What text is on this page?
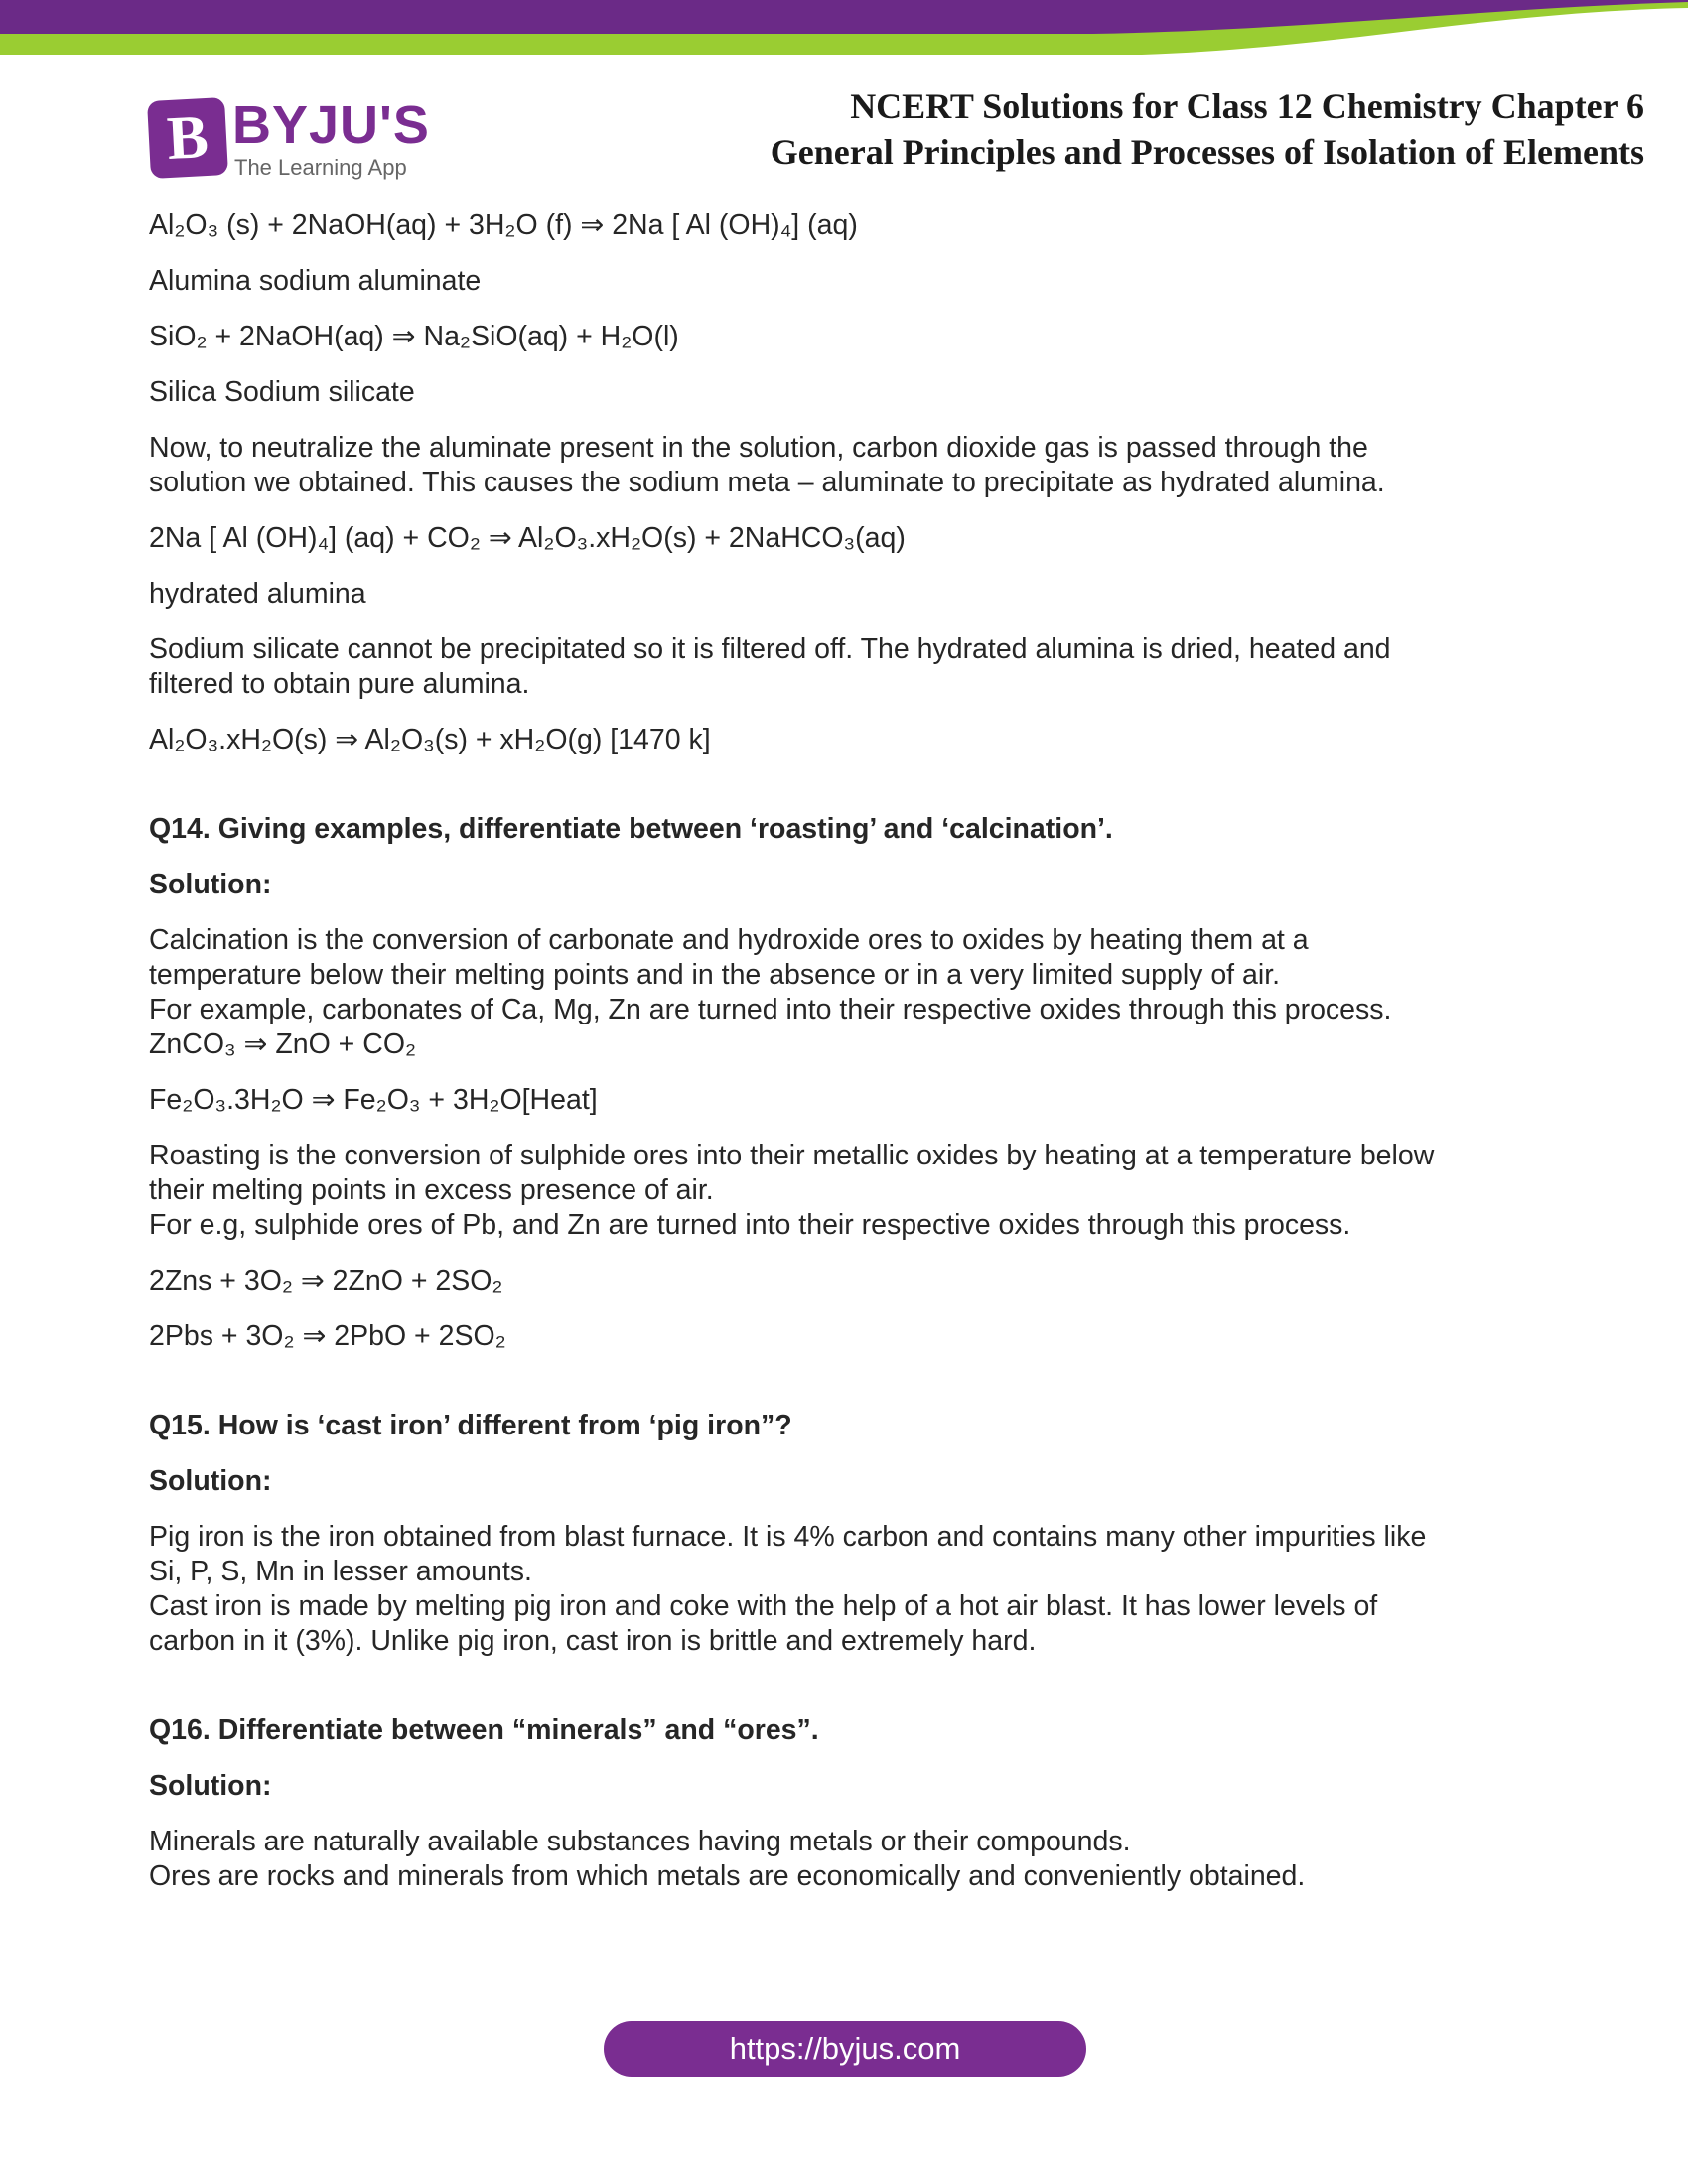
B BYJU'S
The Learning App
NCERT Solutions for Class 12 Chemistry Chapter 6
General Principles and Processes of Isolation of Elements

Al₂O₃ (s) + 2NaOH(aq) + 3H₂O (f) ⇒ 2Na [ Al (OH)₄] (aq)

Alumina sodium aluminate

SiO₂ + 2NaOH(aq) ⇒ Na₂SiO(aq) + H₂O(l)

Silica Sodium silicate

Now, to neutralize the aluminate present in the solution, carbon dioxide gas is passed through the
solution we obtained. This causes the sodium meta – aluminate to precipitate as hydrated alumina.

2Na [ Al (OH)₄] (aq) + CO₂ ⇒ Al₂O₃.xH₂O(s) + 2NaHCO₃(aq)

hydrated alumina

Sodium silicate cannot be precipitated so it is filtered off. The hydrated alumina is dried, heated and
filtered to obtain pure alumina.

Al₂O₃.xH₂O(s) ⇒ Al₂O₃(s) + xH₂O(g) [1470 k]

Q14. Giving examples, differentiate between ‘roasting’ and ‘calcination’.

Solution:

Calcination is the conversion of carbonate and hydroxide ores to oxides by heating them at a
temperature below their melting points and in the absence or in a very limited supply of air.
For example, carbonates of Ca, Mg, Zn are turned into their respective oxides through this process.
ZnCO₃ ⇒ ZnO + CO₂

Fe₂O₃.3H₂O ⇒ Fe₂O₃ + 3H₂O[Heat]

Roasting is the conversion of sulphide ores into their metallic oxides by heating at a temperature below
their melting points in excess presence of air.
For e.g, sulphide ores of Pb, and Zn are turned into their respective oxides through this process.

2Zns + 3O₂ ⇒ 2ZnO + 2SO₂

2Pbs + 3O₂ ⇒ 2PbO + 2SO₂

Q15. How is ‘cast iron’ different from ‘pig iron”?

Solution:

Pig iron is the iron obtained from blast furnace. It is 4% carbon and contains many other impurities like
Si, P, S, Mn in lesser amounts.
Cast iron is made by melting pig iron and coke with the help of a hot air blast. It has lower levels of
carbon in it (3%). Unlike pig iron, cast iron is brittle and extremely hard.

Q16. Differentiate between “minerals” and “ores”.

Solution:

Minerals are naturally available substances having metals or their compounds.
Ores are rocks and minerals from which metals are economically and conveniently obtained.

https://byjus.com
